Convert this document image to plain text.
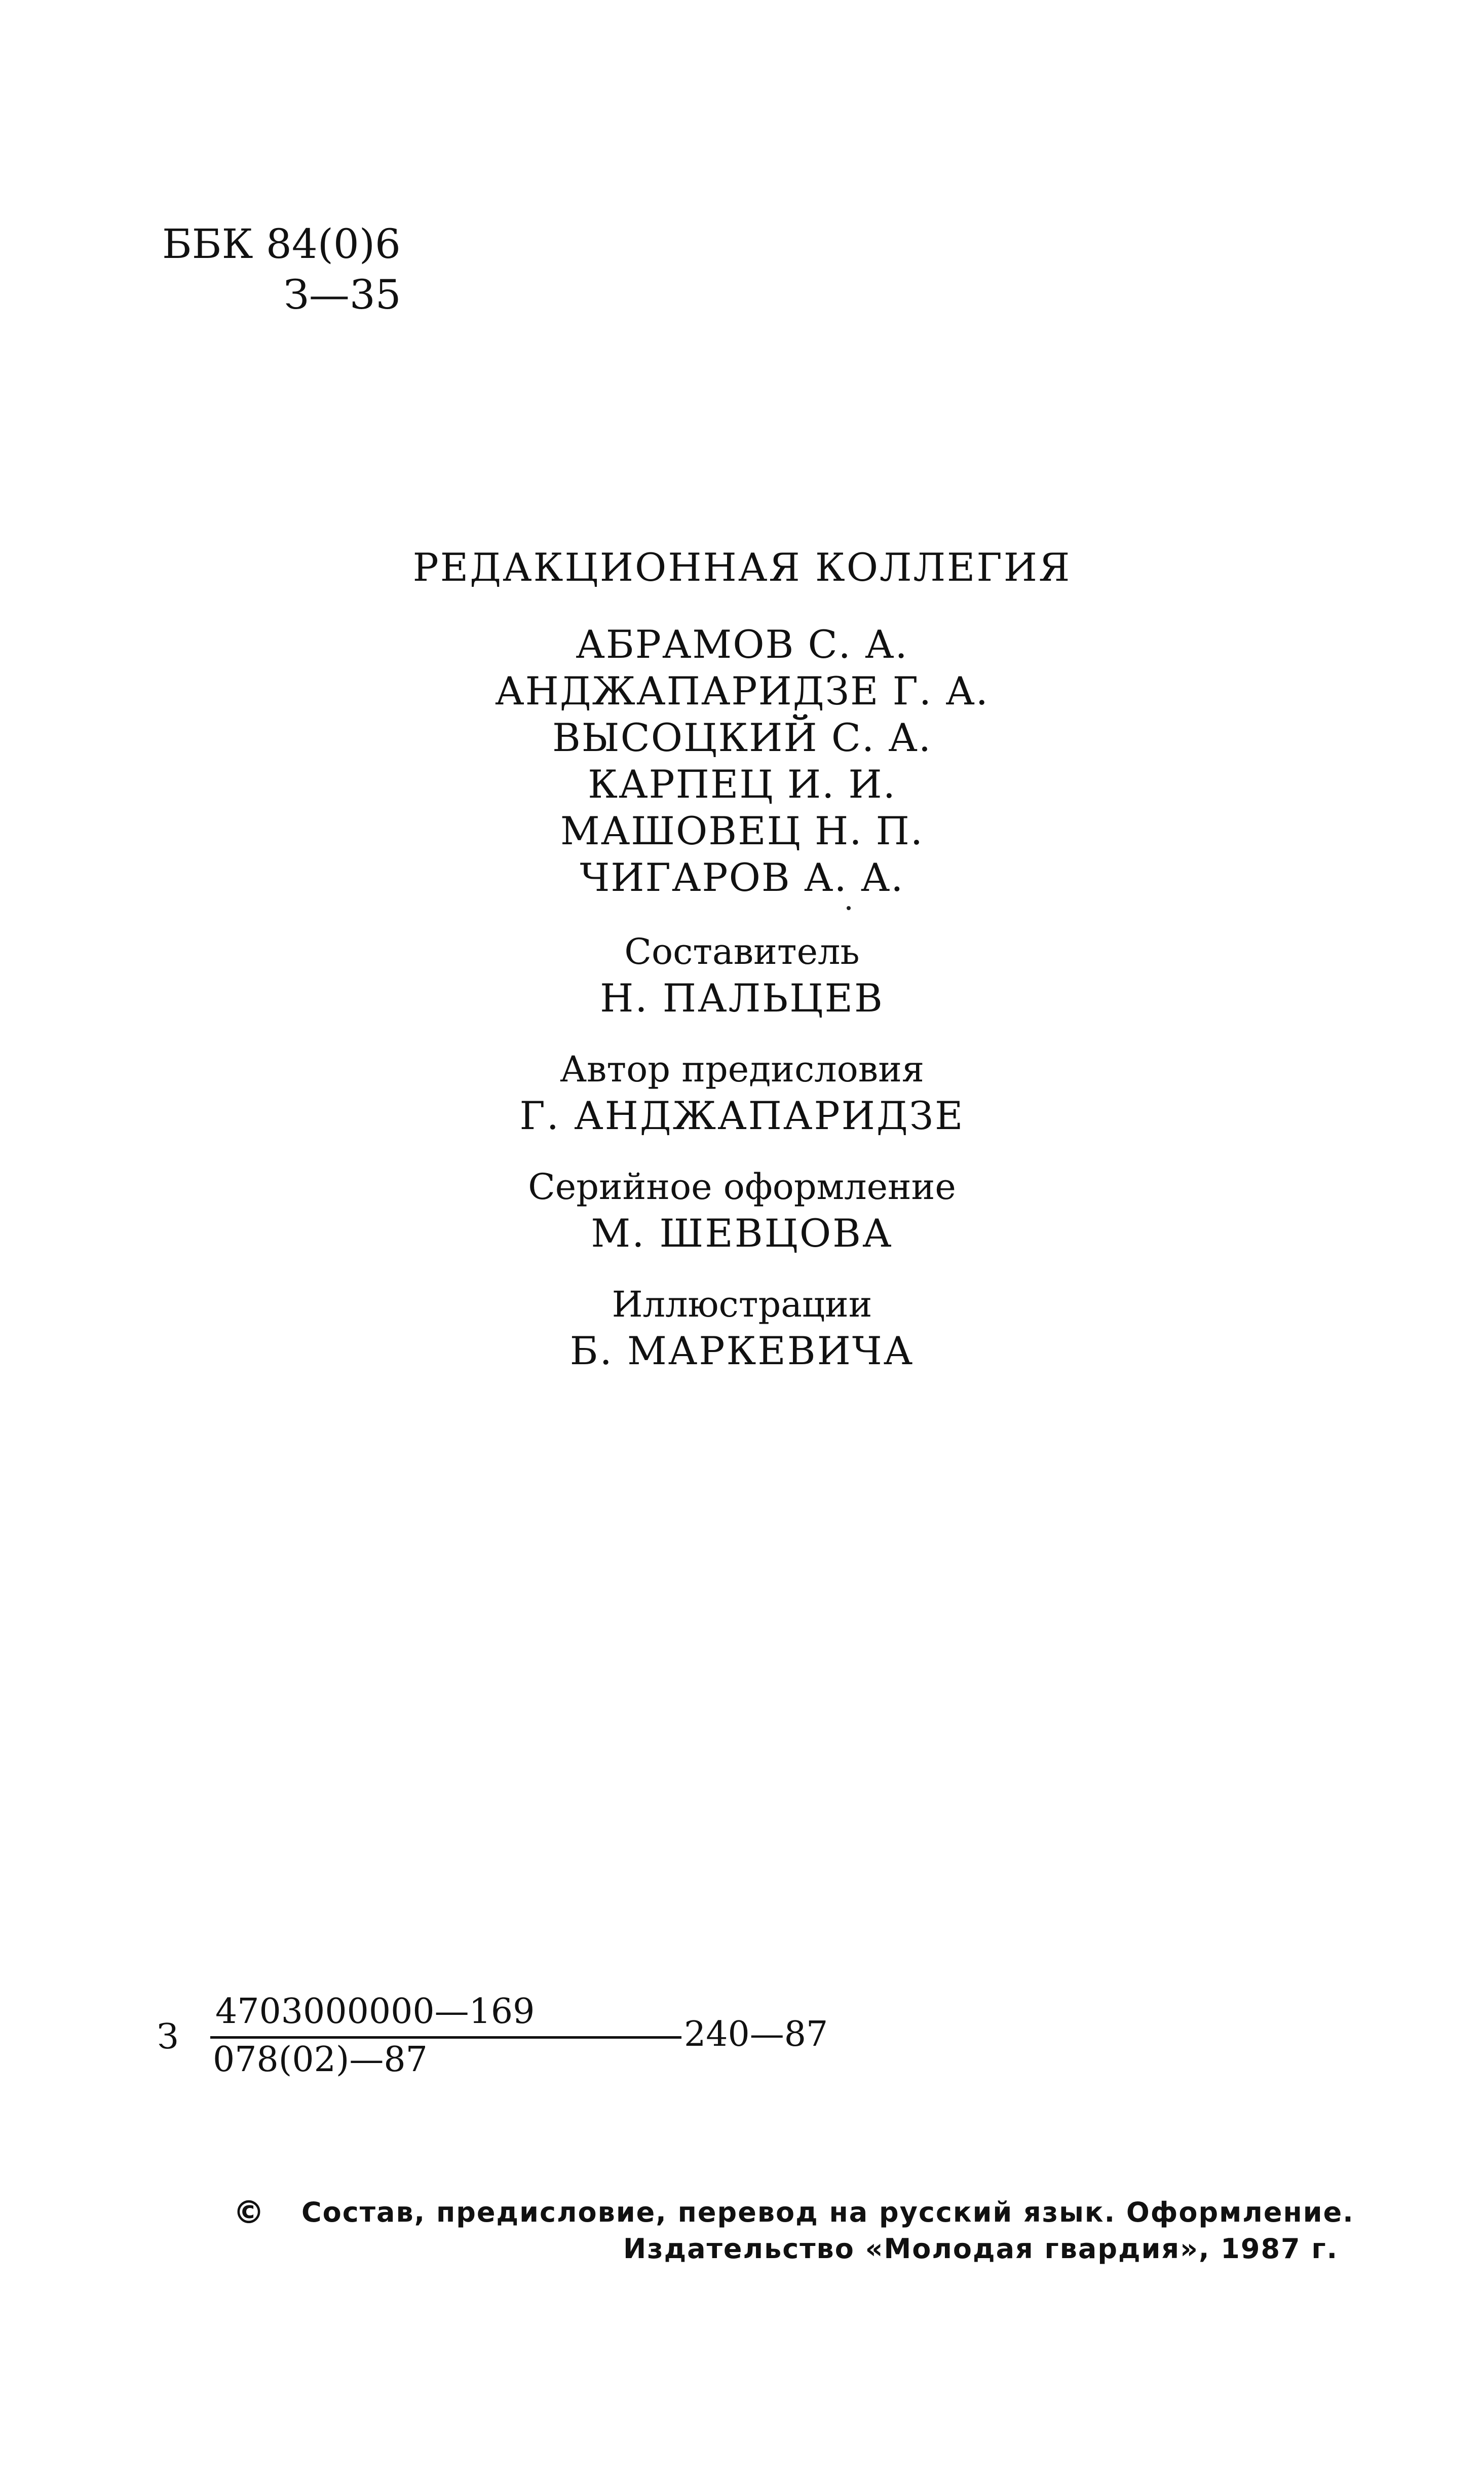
ББК 84(0)6
З—35

РЕДАКЦИОННАЯ КОЛЛЕГИЯ

АБРАМОВ С. А.

АНДЖАПАРИДЗЕ Г. А.

ВЫСОЦКИЙ С. А.

КАРПЕЦ И. И.

МАШОВЕЦ Н. П.

ЧИГАРОВ А. А.

Составитель

Н. ПАЛЬЦЕВ

Автор предисловия

Г. АНДЖАПАРИДЗЕ

Серийное оформление

М. ШЕВЦОВА

Иллюстрации

Б. МАРКЕВИЧА

З
4703000000—169
078(02)—87
240—87
© Состав, предисловие, перевод на русский язык. Оформление.
Издательство «Молодая гвардия», 1987 г.
